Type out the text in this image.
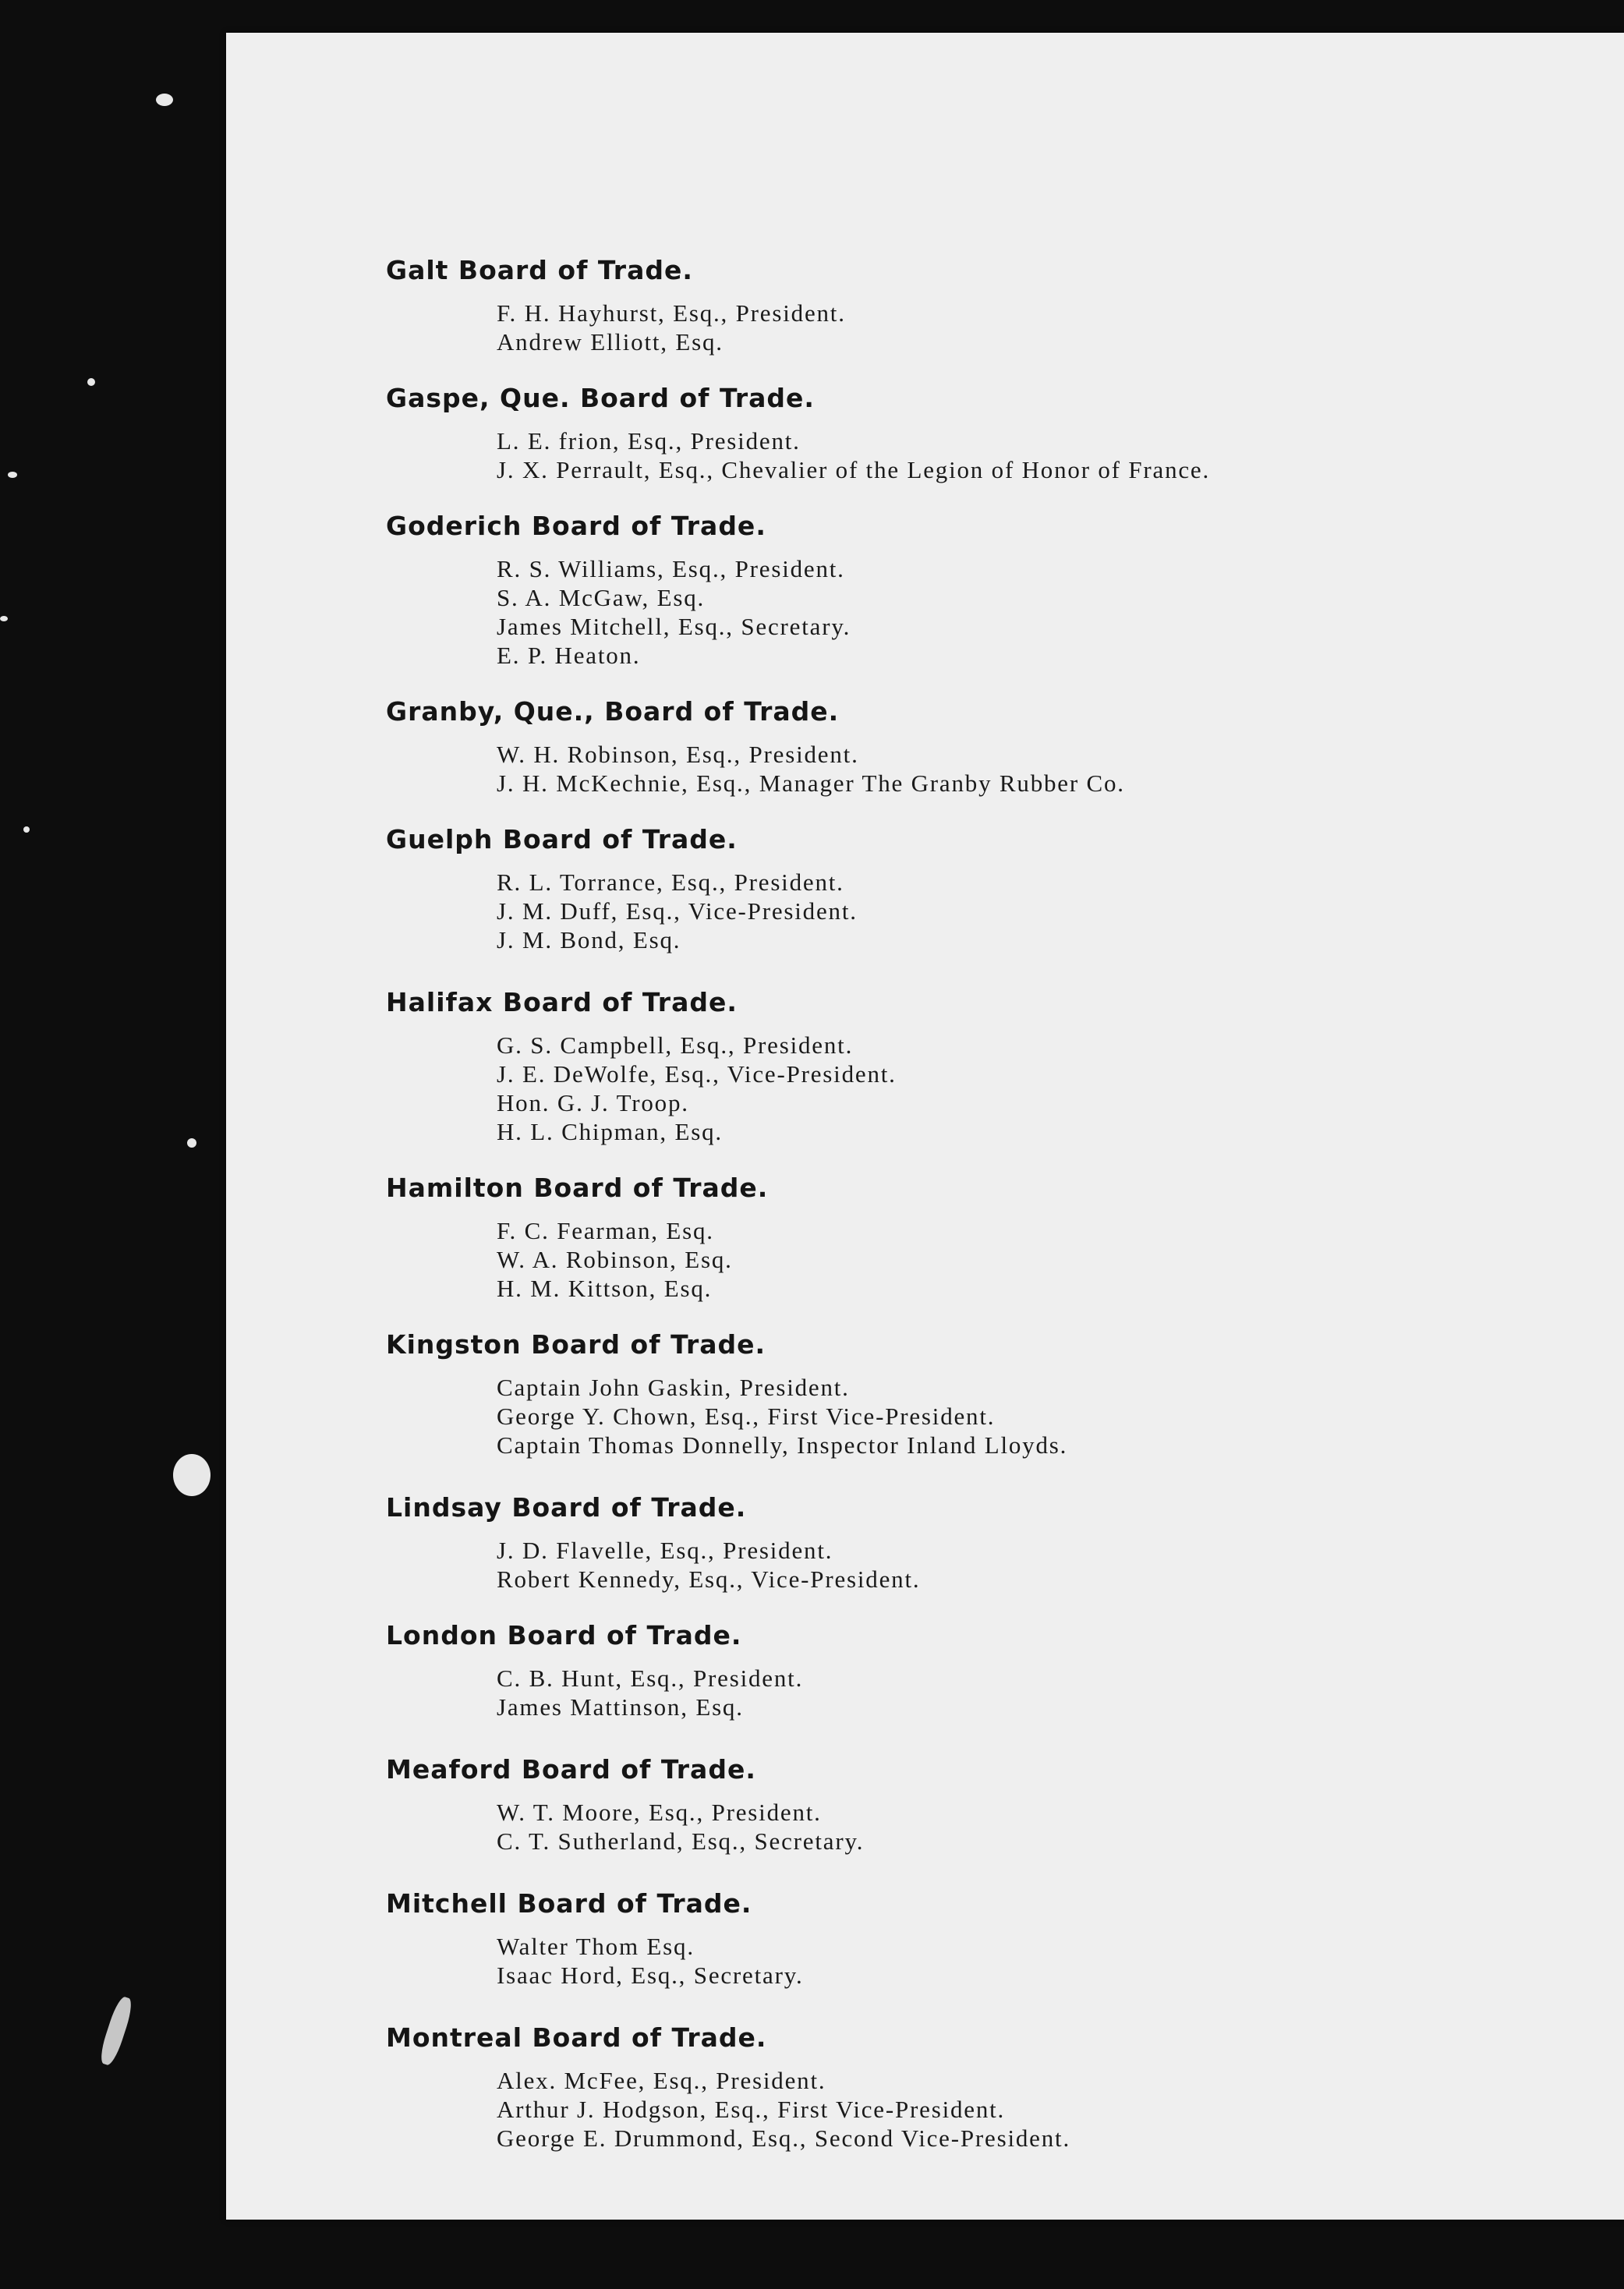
Galt Board of Trade.
F. H. Hayhurst, Esq., President.
Andrew Elliott, Esq.
Gaspe, Que. Board of Trade.
L. E. frion, Esq., President.
J. X. Perrault, Esq., Chevalier of the Legion of Honor of France.
Goderich Board of Trade.
R. S. Williams, Esq., President.
S. A. McGaw, Esq.
James Mitchell, Esq., Secretary.
E. P. Heaton.
Granby, Que., Board of Trade.
W. H. Robinson, Esq., President.
J. H. McKechnie, Esq., Manager The Granby Rubber Co.
Guelph Board of Trade.
R. L. Torrance, Esq., President.
J. M. Duff, Esq., Vice-President.
J. M. Bond, Esq.
Halifax Board of Trade.
G. S. Campbell, Esq., President.
J. E. DeWolfe, Esq., Vice-President.
Hon. G. J. Troop.
H. L. Chipman, Esq.
Hamilton Board of Trade.
F. C. Fearman, Esq.
W. A. Robinson, Esq.
H. M. Kittson, Esq.
Kingston Board of Trade.
Captain John Gaskin, President.
George Y. Chown, Esq., First Vice-President.
Captain Thomas Donnelly, Inspector Inland Lloyds.
Lindsay Board of Trade.
J. D. Flavelle, Esq., President.
Robert Kennedy, Esq., Vice-President.
London Board of Trade.
C. B. Hunt, Esq., President.
James Mattinson, Esq.
Meaford Board of Trade.
W. T. Moore, Esq., President.
C. T. Sutherland, Esq., Secretary.
Mitchell Board of Trade.
Walter Thom Esq.
Isaac Hord, Esq., Secretary.
Montreal Board of Trade.
Alex. McFee, Esq., President.
Arthur J. Hodgson, Esq., First Vice-President.
George E. Drummond, Esq., Second Vice-President.
